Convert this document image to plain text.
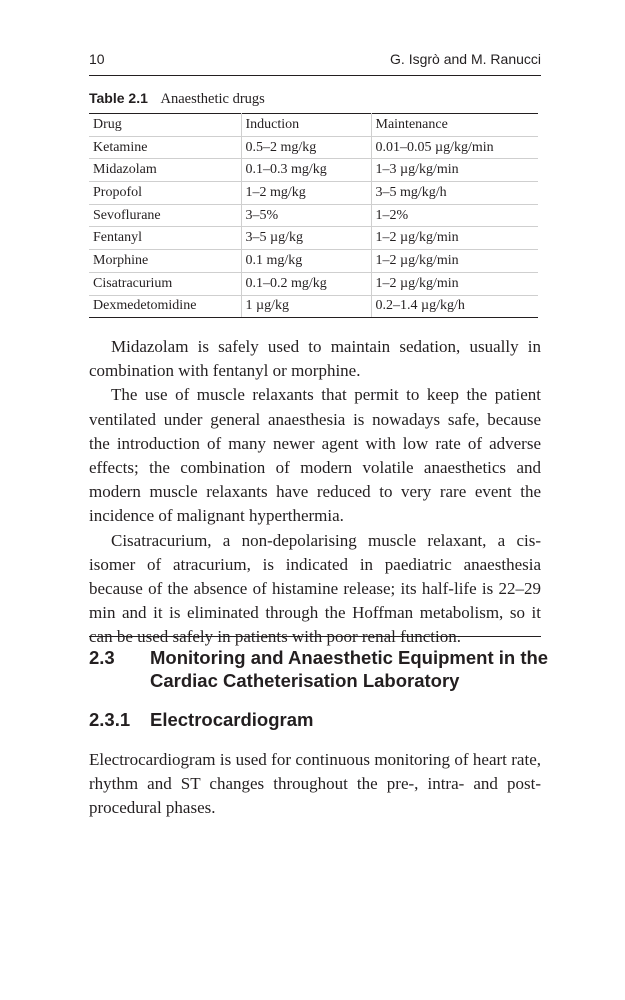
10	G. Isgrò and M. Ranucci
Table 2.1 Anaesthetic drugs
Drug	Induction	Maintenance
Ketamine	0.5–2 mg/kg	0.01–0.05 µg/kg/min
Midazolam	0.1–0.3 mg/kg	1–3 µg/kg/min
Propofol	1–2 mg/kg	3–5 mg/kg/h
Sevoflurane	3–5%	1–2%
Fentanyl	3–5 µg/kg	1–2 µg/kg/min
Morphine	0.1 mg/kg	1–2 µg/kg/min
Cisatracurium	0.1–0.2 mg/kg	1–2 µg/kg/min
Dexmedetomidine	1 µg/kg	0.2–1.4 µg/kg/h

Midazolam is safely used to maintain sedation, usually in combination with fentanyl or morphine.

The use of muscle relaxants that permit to keep the patient ventilated under general anaesthesia is nowadays safe, because the introduction of many newer agent with low rate of adverse effects; the combination of modern volatile anaesthetics and modern muscle relaxants have reduced to very rare event the incidence of malignant hyperthermia.

Cisatracurium, a non-depolarising muscle relaxant, a cis-isomer of atracurium, is indicated in paediatric anaesthesia because of the absence of histamine release; its half-life is 22–29 min and it is eliminated through the Hoffman metabolism, so it can be used safely in patients with poor renal function.

2.3 Monitoring and Anaesthetic Equipment in the Cardiac Catheterisation Laboratory
2.3.1 Electrocardiogram

Electrocardiogram is used for continuous monitoring of heart rate, rhythm and ST changes throughout the pre-, intra- and post-procedural phases.
